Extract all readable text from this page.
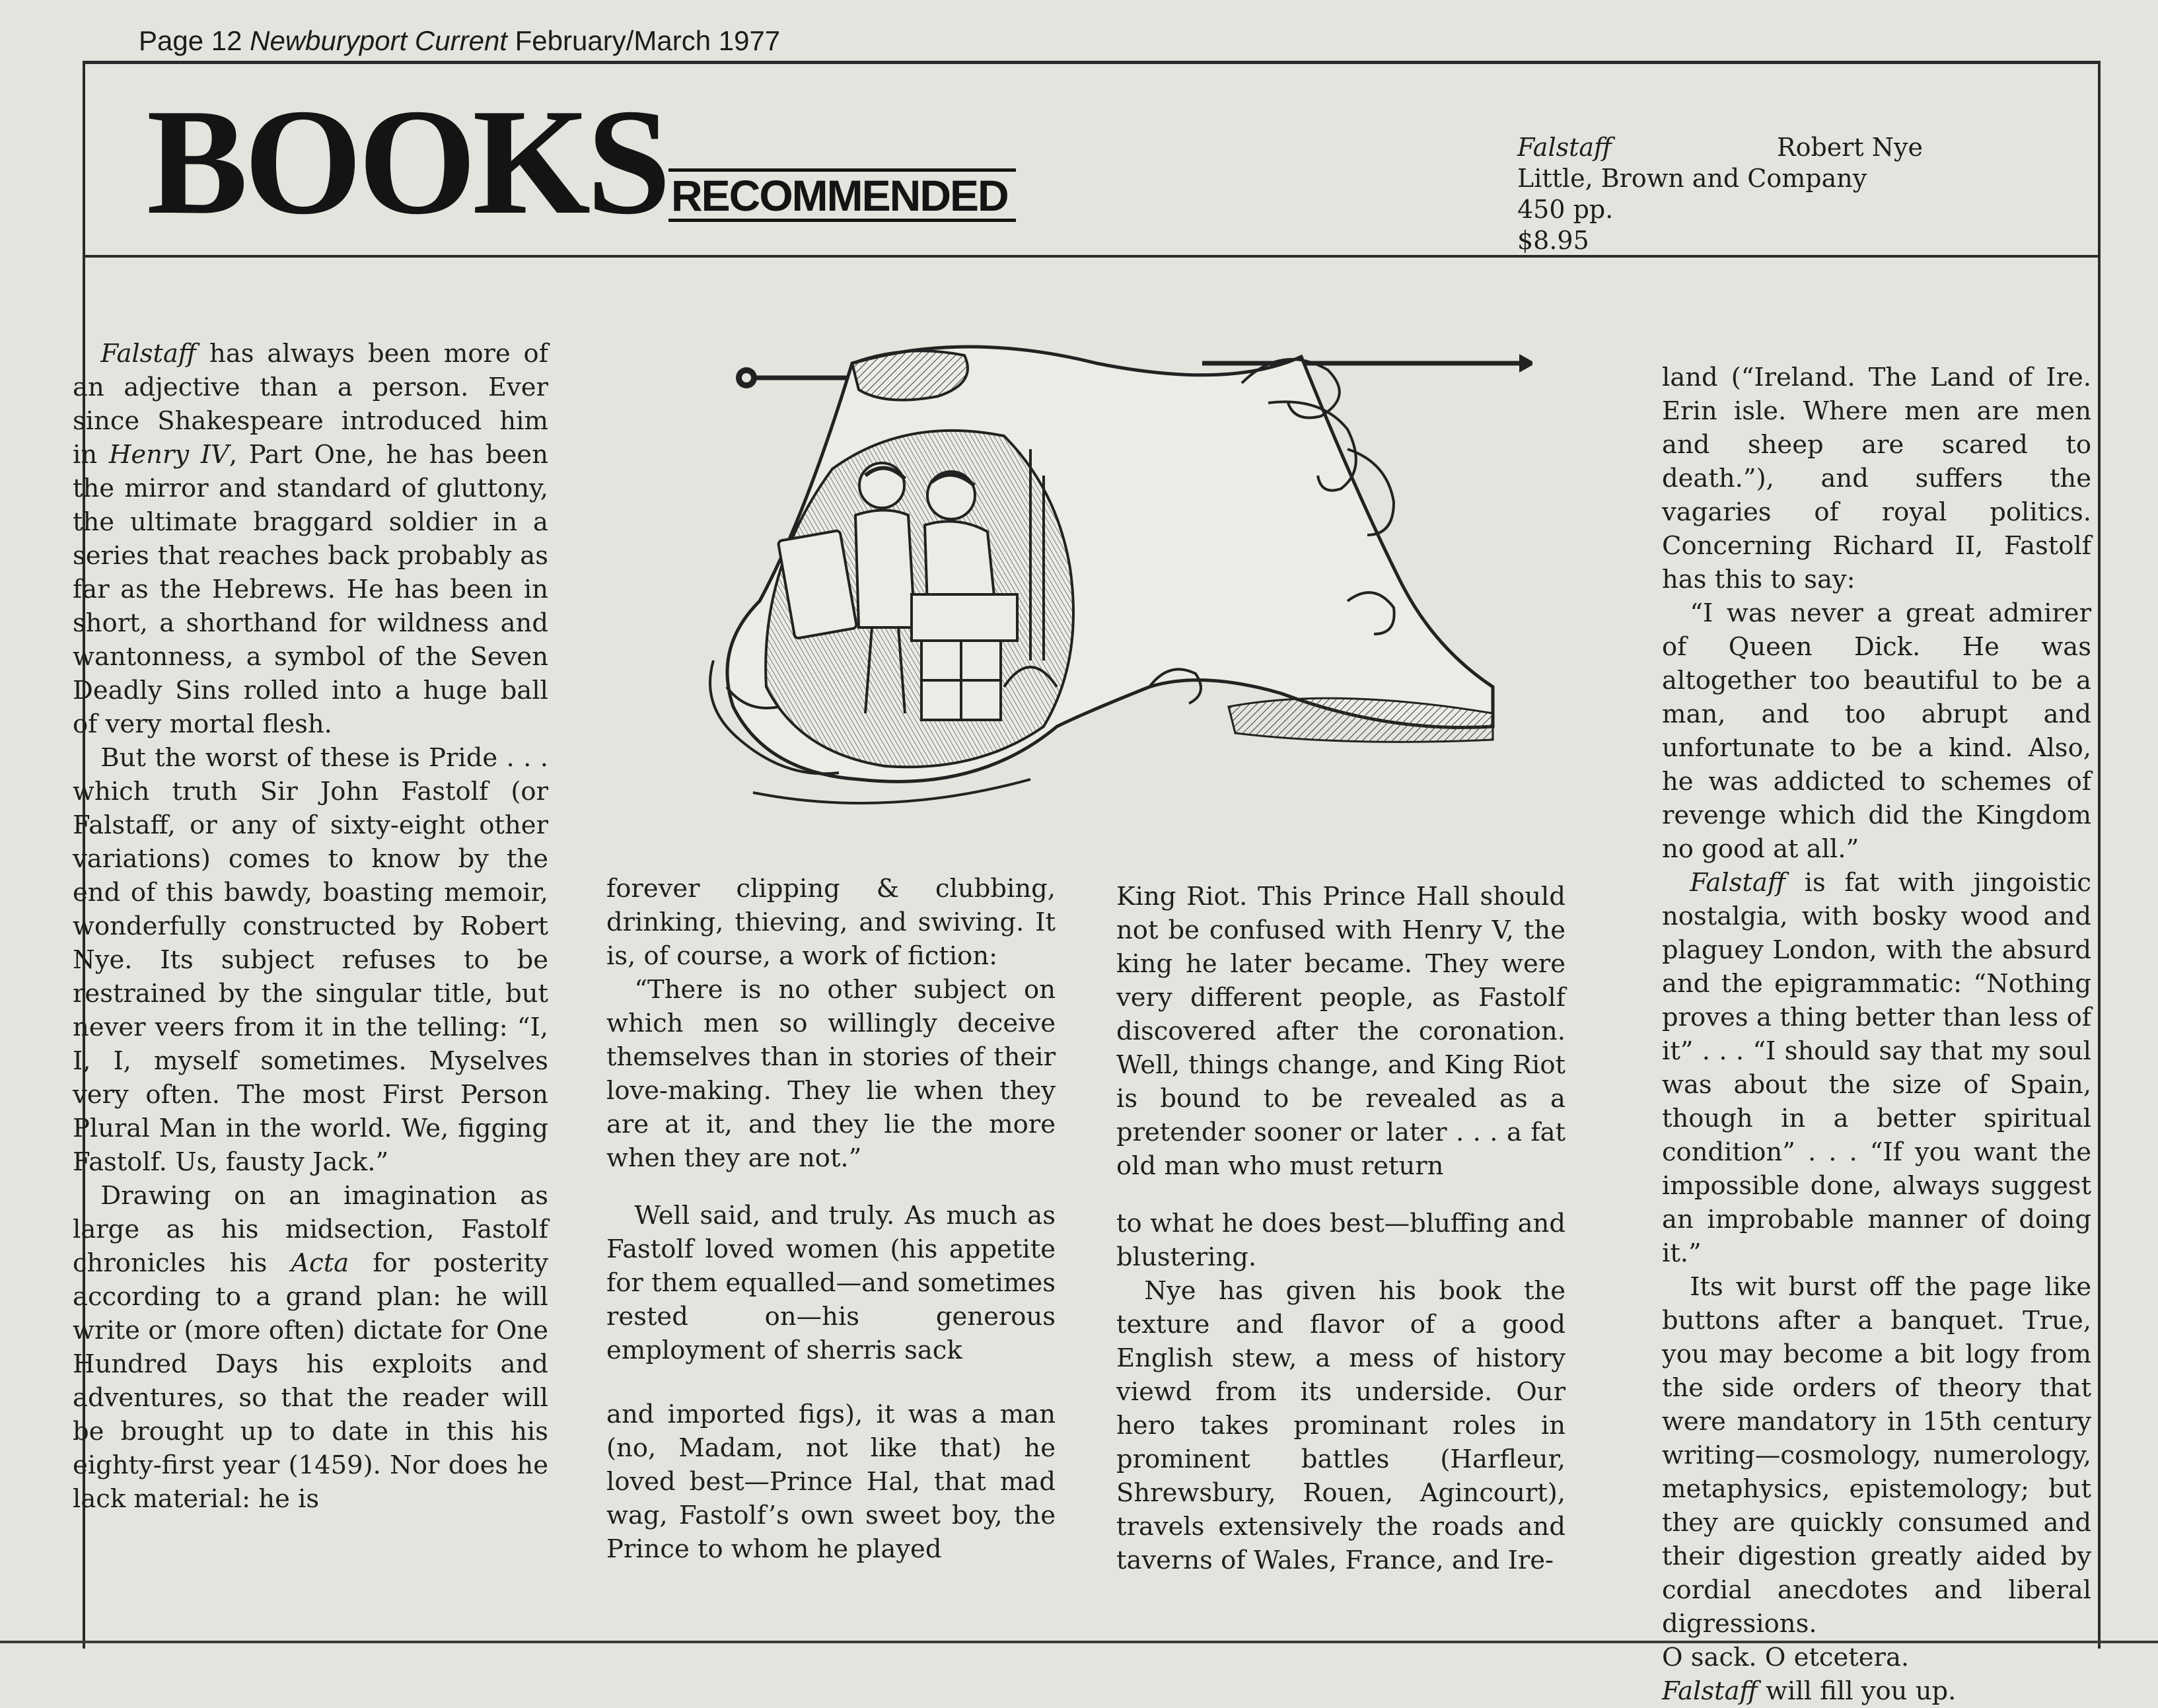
Page 12 Newburyport Current February/March 1977
BOOKS RECOMMENDED
Falstaff	Robert Nye
Little, Brown and Company
450 pp.
$8.95

Falstaff has always been more of an adjective than a person. Ever since Shakespeare introduced him in Henry IV, Part One, he has been the mirror and standard of gluttony, the ultimate braggard soldier in a series that reaches back probably as far as the Hebrews. He has been in short, a shorthand for wildness and wantonness, a symbol of the Seven Deadly Sins rolled into a huge ball of very mortal flesh.

But the worst of these is Pride . . . which truth Sir John Fastolf (or Falstaff, or any of sixty-eight other variations) comes to know by the end of this bawdy, boasting memoir, wonderfully constructed by Robert Nye. Its subject refuses to be restrained by the singular title, but never veers from it in the telling: “I, I, I, myself sometimes. Myselves very often. The most First Person Plural Man in the world. We, figging Fastolf. Us, fausty Jack.”

Drawing on an imagination as large as his midsection, Fastolf chronicles his Acta for posterity according to a grand plan: he will write or (more often) dictate for One Hundred Days his exploits and adventures, so that the reader will be brought up to date in this his eighty-first year (1459). Nor does he lack material: he is

forever clipping & clubbing, drinking, thieving, and swiving. It is, of course, a work of fiction:

“There is no other subject on which men so willingly deceive themselves than in stories of their love-making. They lie when they are at it, and they lie the more when they are not.”

Well said, and truly. As much as Fastolf loved women (his appetite for them equalled—and sometimes rested on—his generous employment of sherris sack

and imported figs), it was a man (no, Madam, not like that) he loved best—Prince Hal, that mad wag, Fastolf’s own sweet boy, the Prince to whom he played

King Riot. This Prince Hall should not be confused with Henry V, the king he later became. They were very different people, as Fastolf discovered after the coronation. Well, things change, and King Riot is bound to be revealed as a pretender sooner or later . . . a fat old man who must return

to what he does best—bluffing and blustering.

Nye has given his book the texture and flavor of a good English stew, a mess of history viewd from its underside. Our hero takes prominant roles in prominent battles (Harfleur, Shrewsbury, Rouen, Agincourt), travels extensively the roads and taverns of Wales, France, and Ire-

land (“Ireland. The Land of Ire. Erin isle. Where men are men and sheep are scared to death.”), and suffers the vagaries of royal politics. Concerning Richard II, Fastolf has this to say:

“I was never a great admirer of Queen Dick. He was altogether too beautiful to be a man, and too abrupt and unfortunate to be a kind. Also, he was addicted to schemes of revenge which did the Kingdom no good at all.”

Falstaff is fat with jingoistic nostalgia, with bosky wood and plaguey London, with the absurd and the epigrammatic: “Nothing proves a thing better than less of it” . . . “I should say that my soul was about the size of Spain, though in a better spiritual condition” . . . “If you want the impossible done, always suggest an improbable manner of doing it.”

Its wit burst off the page like buttons after a banquet. True, you may become a bit logy from the side orders of theory that were mandatory in 15th century writing—cosmology, numerology, metaphysics, epistemology; but they are quickly consumed and their digestion greatly aided by cordial anecdotes and liberal digressions.

O sack. O etcetera.

Falstaff will fill you up.
